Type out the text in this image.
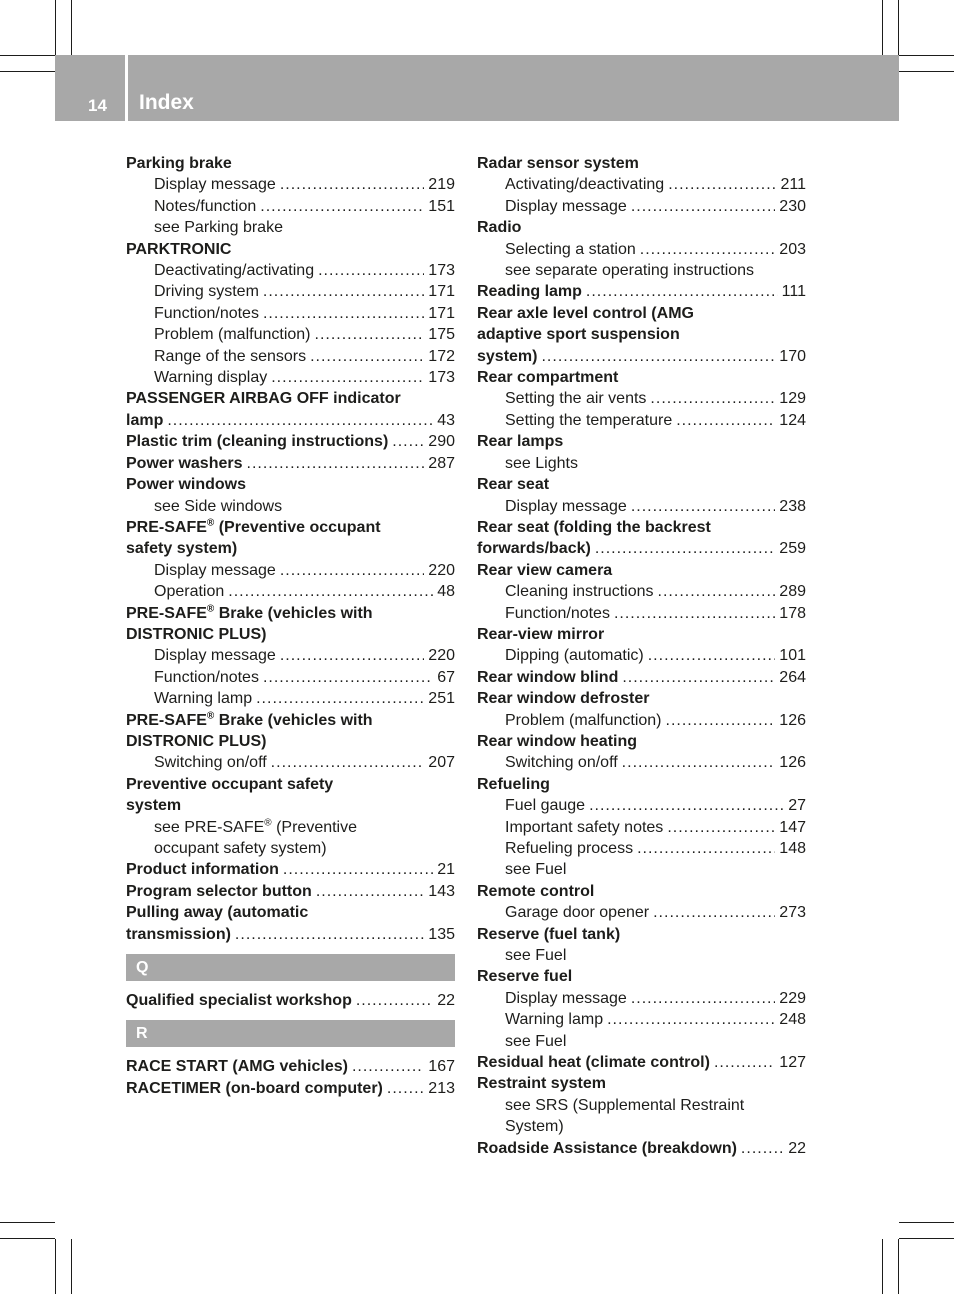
14 Index
Parking brake
Display message .....	219
Notes/function .....	151
see Parking brake
PARKTRONIC
Deactivating/activating .....	173
Driving system .....	171
Function/notes .....	171
Problem (malfunction) .....	175
Range of the sensors .....	172
Warning display .....	173
PASSENGER AIRBAG OFF indicator
lamp .....	43
Plastic trim (cleaning instructions) .....	290
Power washers .....	287
Power windows
see Side windows
PRE-SAFE® (Preventive occupant
safety system)
Display message .....	220
Operation .....	48
PRE-SAFE® Brake (vehicles with
DISTRONIC PLUS)
Display message .....	220
Function/notes .....	67
Warning lamp .....	251
PRE-SAFE® Brake (vehicles with
DISTRONIC PLUS)
Switching on/off .....	207
Preventive occupant safety
system
see PRE-SAFE® (Preventive
occupant safety system)
Product information .....	21
Program selector button .....	143
Pulling away (automatic
transmission) .....	135
Q
Qualified specialist workshop .....	22
R
RACE START (AMG vehicles) .....	167
RACETIMER (on-board computer) .....	213
Radar sensor system
Activating/deactivating .....	211
Display message .....	230
Radio
Selecting a station .....	203
see separate operating instructions
Reading lamp .....	111
Rear axle level control (AMG
adaptive sport suspension
system) .....	170
Rear compartment
Setting the air vents .....	129
Setting the temperature .....	124
Rear lamps
see Lights
Rear seat
Display message .....	238
Rear seat (folding the backrest
forwards/back) .....	259
Rear view camera
Cleaning instructions .....	289
Function/notes .....	178
Rear-view mirror
Dipping (automatic) .....	101
Rear window blind .....	264
Rear window defroster
Problem (malfunction) .....	126
Rear window heating
Switching on/off .....	126
Refueling
Fuel gauge .....	27
Important safety notes .....	147
Refueling process .....	148
see Fuel
Remote control
Garage door opener .....	273
Reserve (fuel tank)
see Fuel
Reserve fuel
Display message .....	229
Warning lamp .....	248
see Fuel
Residual heat (climate control) .....	127
Restraint system
see SRS (Supplemental Restraint
System)
Roadside Assistance (breakdown) .....	22
